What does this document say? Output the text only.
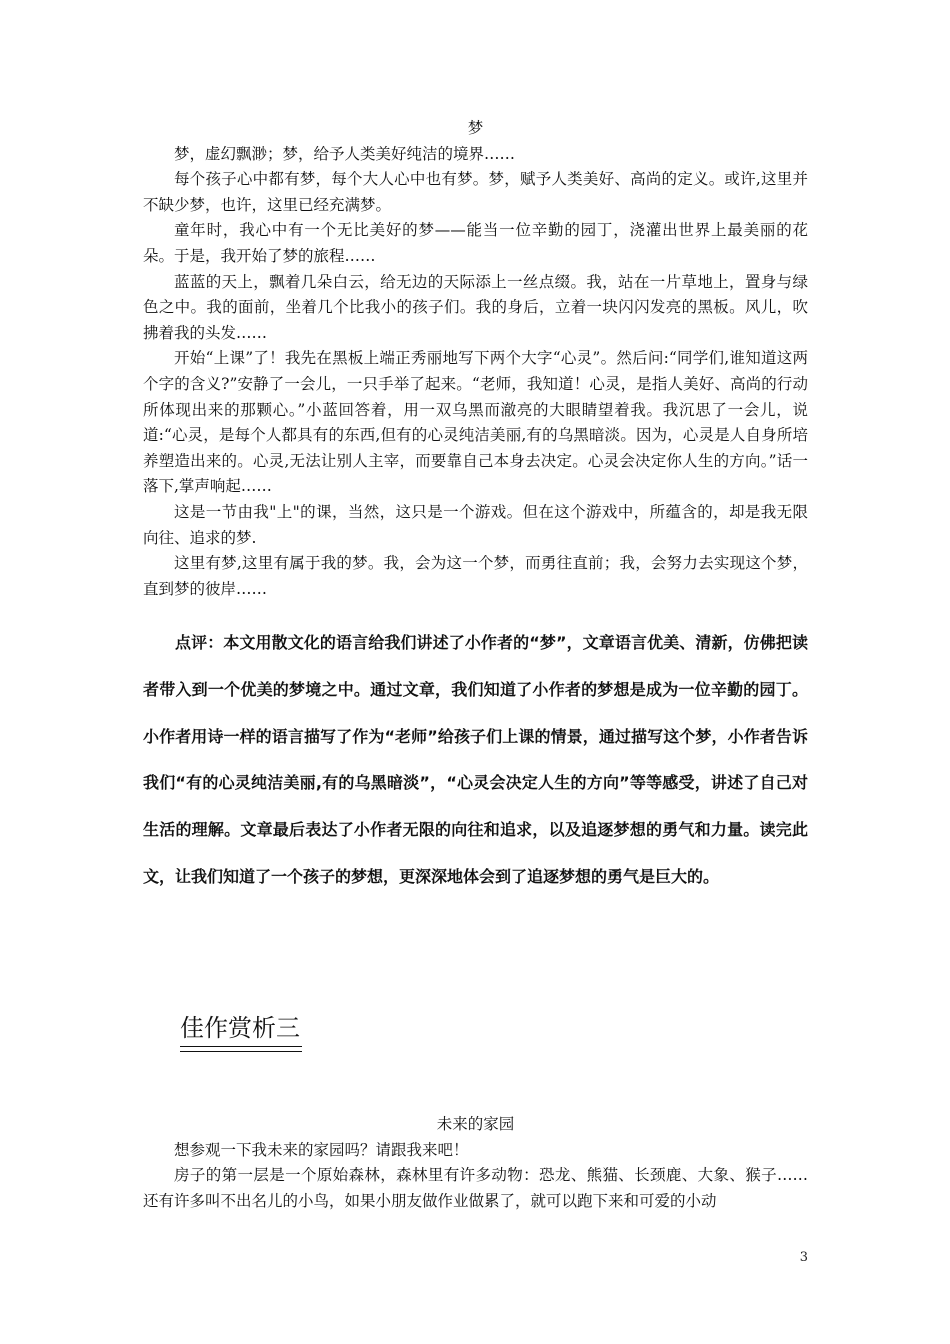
梦

梦，虚幻飘渺；梦，给予人类美好纯洁的境界……

每个孩子心中都有梦，每个大人心中也有梦。梦，赋予人类美好、高尚的定义。或许,这里并不缺少梦，也许，这里已经充满梦。

童年时，我心中有一个无比美好的梦——能当一位辛勤的园丁，浇灌出世界上最美丽的花朵。于是，我开始了梦的旅程……

蓝蓝的天上，飘着几朵白云，给无边的天际添上一丝点缀。我，站在一片草地上，置身与绿色之中。我的面前，坐着几个比我小的孩子们。我的身后，立着一块闪闪发亮的黑板。风儿，吹拂着我的头发……

开始“上课”了！我先在黑板上端正秀丽地写下两个大字“心灵”。然后问:“同学们,谁知道这两个字的含义?”安静了一会儿，一只手举了起来。“老师，我知道！心灵，是指人美好、高尚的行动所体现出来的那颗心。”小蓝回答着，用一双乌黑而澈亮的大眼睛望着我。我沉思了一会儿，说道:“心灵，是每个人都具有的东西,但有的心灵纯洁美丽,有的乌黑暗淡。因为，心灵是人自身所培养塑造出来的。心灵,无法让别人主宰，而要靠自己本身去决定。心灵会决定你人生的方向。”话一落下,掌声响起……

这是一节由我"上"的课，当然，这只是一个游戏。但在这个游戏中，所蕴含的，却是我无限向往、追求的梦.

这里有梦,这里有属于我的梦。我，会为这一个梦，而勇往直前；我，会努力去实现这个梦，直到梦的彼岸……

点评：本文用散文化的语言给我们讲述了小作者的“梦”，文章语言优美、清新，仿佛把读者带入到一个优美的梦境之中。通过文章，我们知道了小作者的梦想是成为一位辛勤的园丁。小作者用诗一样的语言描写了作为“老师”给孩子们上课的情景，通过描写这个梦，小作者告诉我们“有的心灵纯洁美丽,有的乌黑暗淡”，“心灵会决定人生的方向”等等感受，讲述了自己对生活的理解。文章最后表达了小作者无限的向往和追求，以及追逐梦想的勇气和力量。读完此文，让我们知道了一个孩子的梦想，更深深地体会到了追逐梦想的勇气是巨大的。

佳作赏析三

未来的家园

想参观一下我未来的家园吗？请跟我来吧！

房子的第一层是一个原始森林，森林里有许多动物：恐龙、熊猫、长颈鹿、大象、猴子……还有许多叫不出名儿的小鸟，如果小朋友做作业做累了，就可以跑下来和可爱的小动

3
